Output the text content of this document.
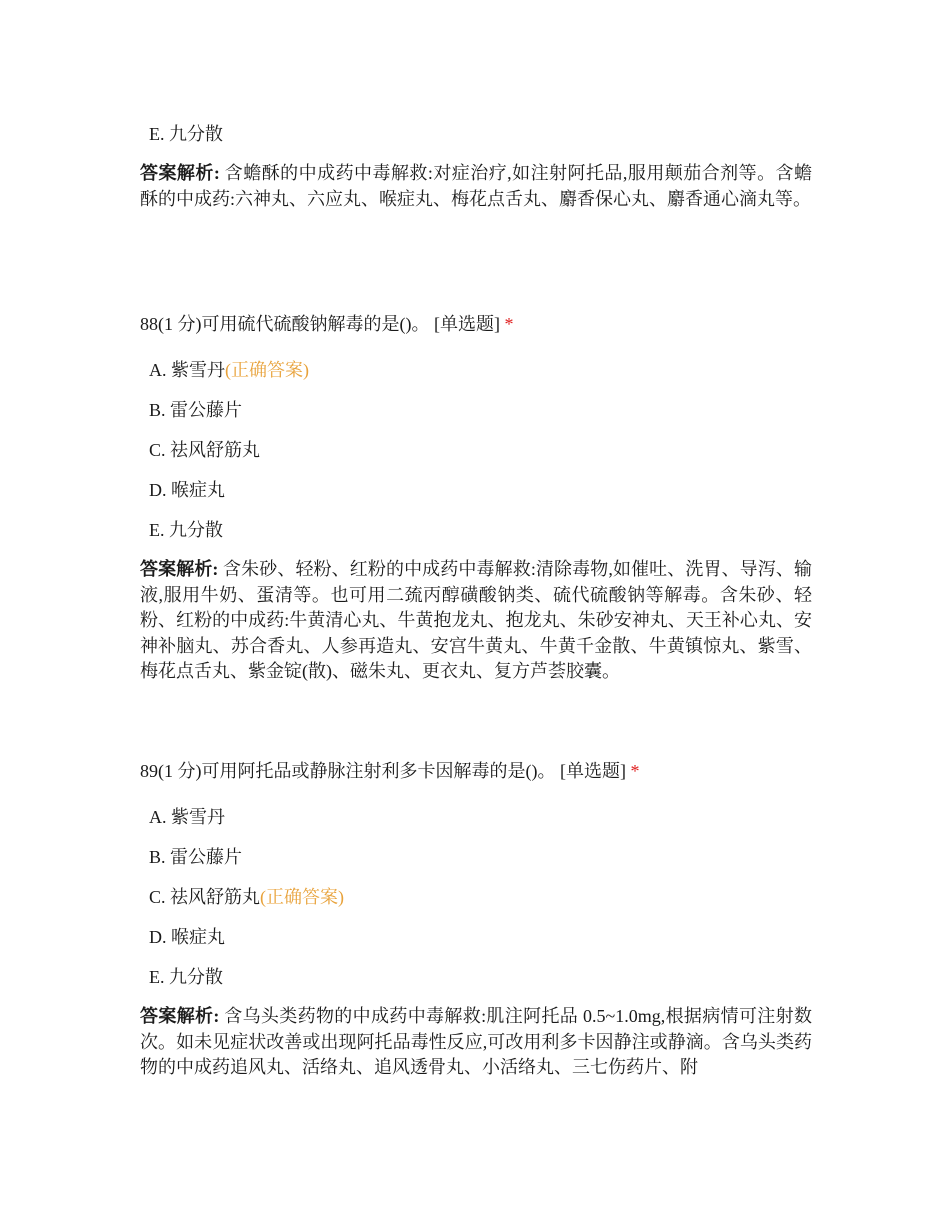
E. 九分散
答案解析: 含蟾酥的中成药中毒解救:对症治疗,如注射阿托品,服用颠茄合剂等。含蟾酥的中成药:六神丸、六应丸、喉症丸、梅花点舌丸、麝香保心丸、麝香通心滴丸等。
88(1 分)可用硫代硫酸钠解毒的是()。 [单选题] *
A. 紫雪丹(正确答案)
B. 雷公藤片
C. 祛风舒筋丸
D. 喉症丸
E. 九分散
答案解析: 含朱砂、轻粉、红粉的中成药中毒解救:清除毒物,如催吐、洗胃、导泻、输液,服用牛奶、蛋清等。也可用二巯丙醇磺酸钠类、硫代硫酸钠等解毒。含朱砂、轻粉、红粉的中成药:牛黄清心丸、牛黄抱龙丸、抱龙丸、朱砂安神丸、天王补心丸、安神补脑丸、苏合香丸、人参再造丸、安宫牛黄丸、牛黄千金散、牛黄镇惊丸、紫雪、梅花点舌丸、紫金锭(散)、磁朱丸、更衣丸、复方芦荟胶囊。
89(1 分)可用阿托品或静脉注射利多卡因解毒的是()。 [单选题] *
A. 紫雪丹
B. 雷公藤片
C. 祛风舒筋丸(正确答案)
D. 喉症丸
E. 九分散
答案解析: 含乌头类药物的中成药中毒解救:肌注阿托品 0.5~1.0mg,根据病情可注射数次。如未见症状改善或出现阿托品毒性反应,可改用利多卡因静注或静滴。含乌头类药物的中成药追风丸、活络丸、追风透骨丸、小活络丸、三七伤药片、附
